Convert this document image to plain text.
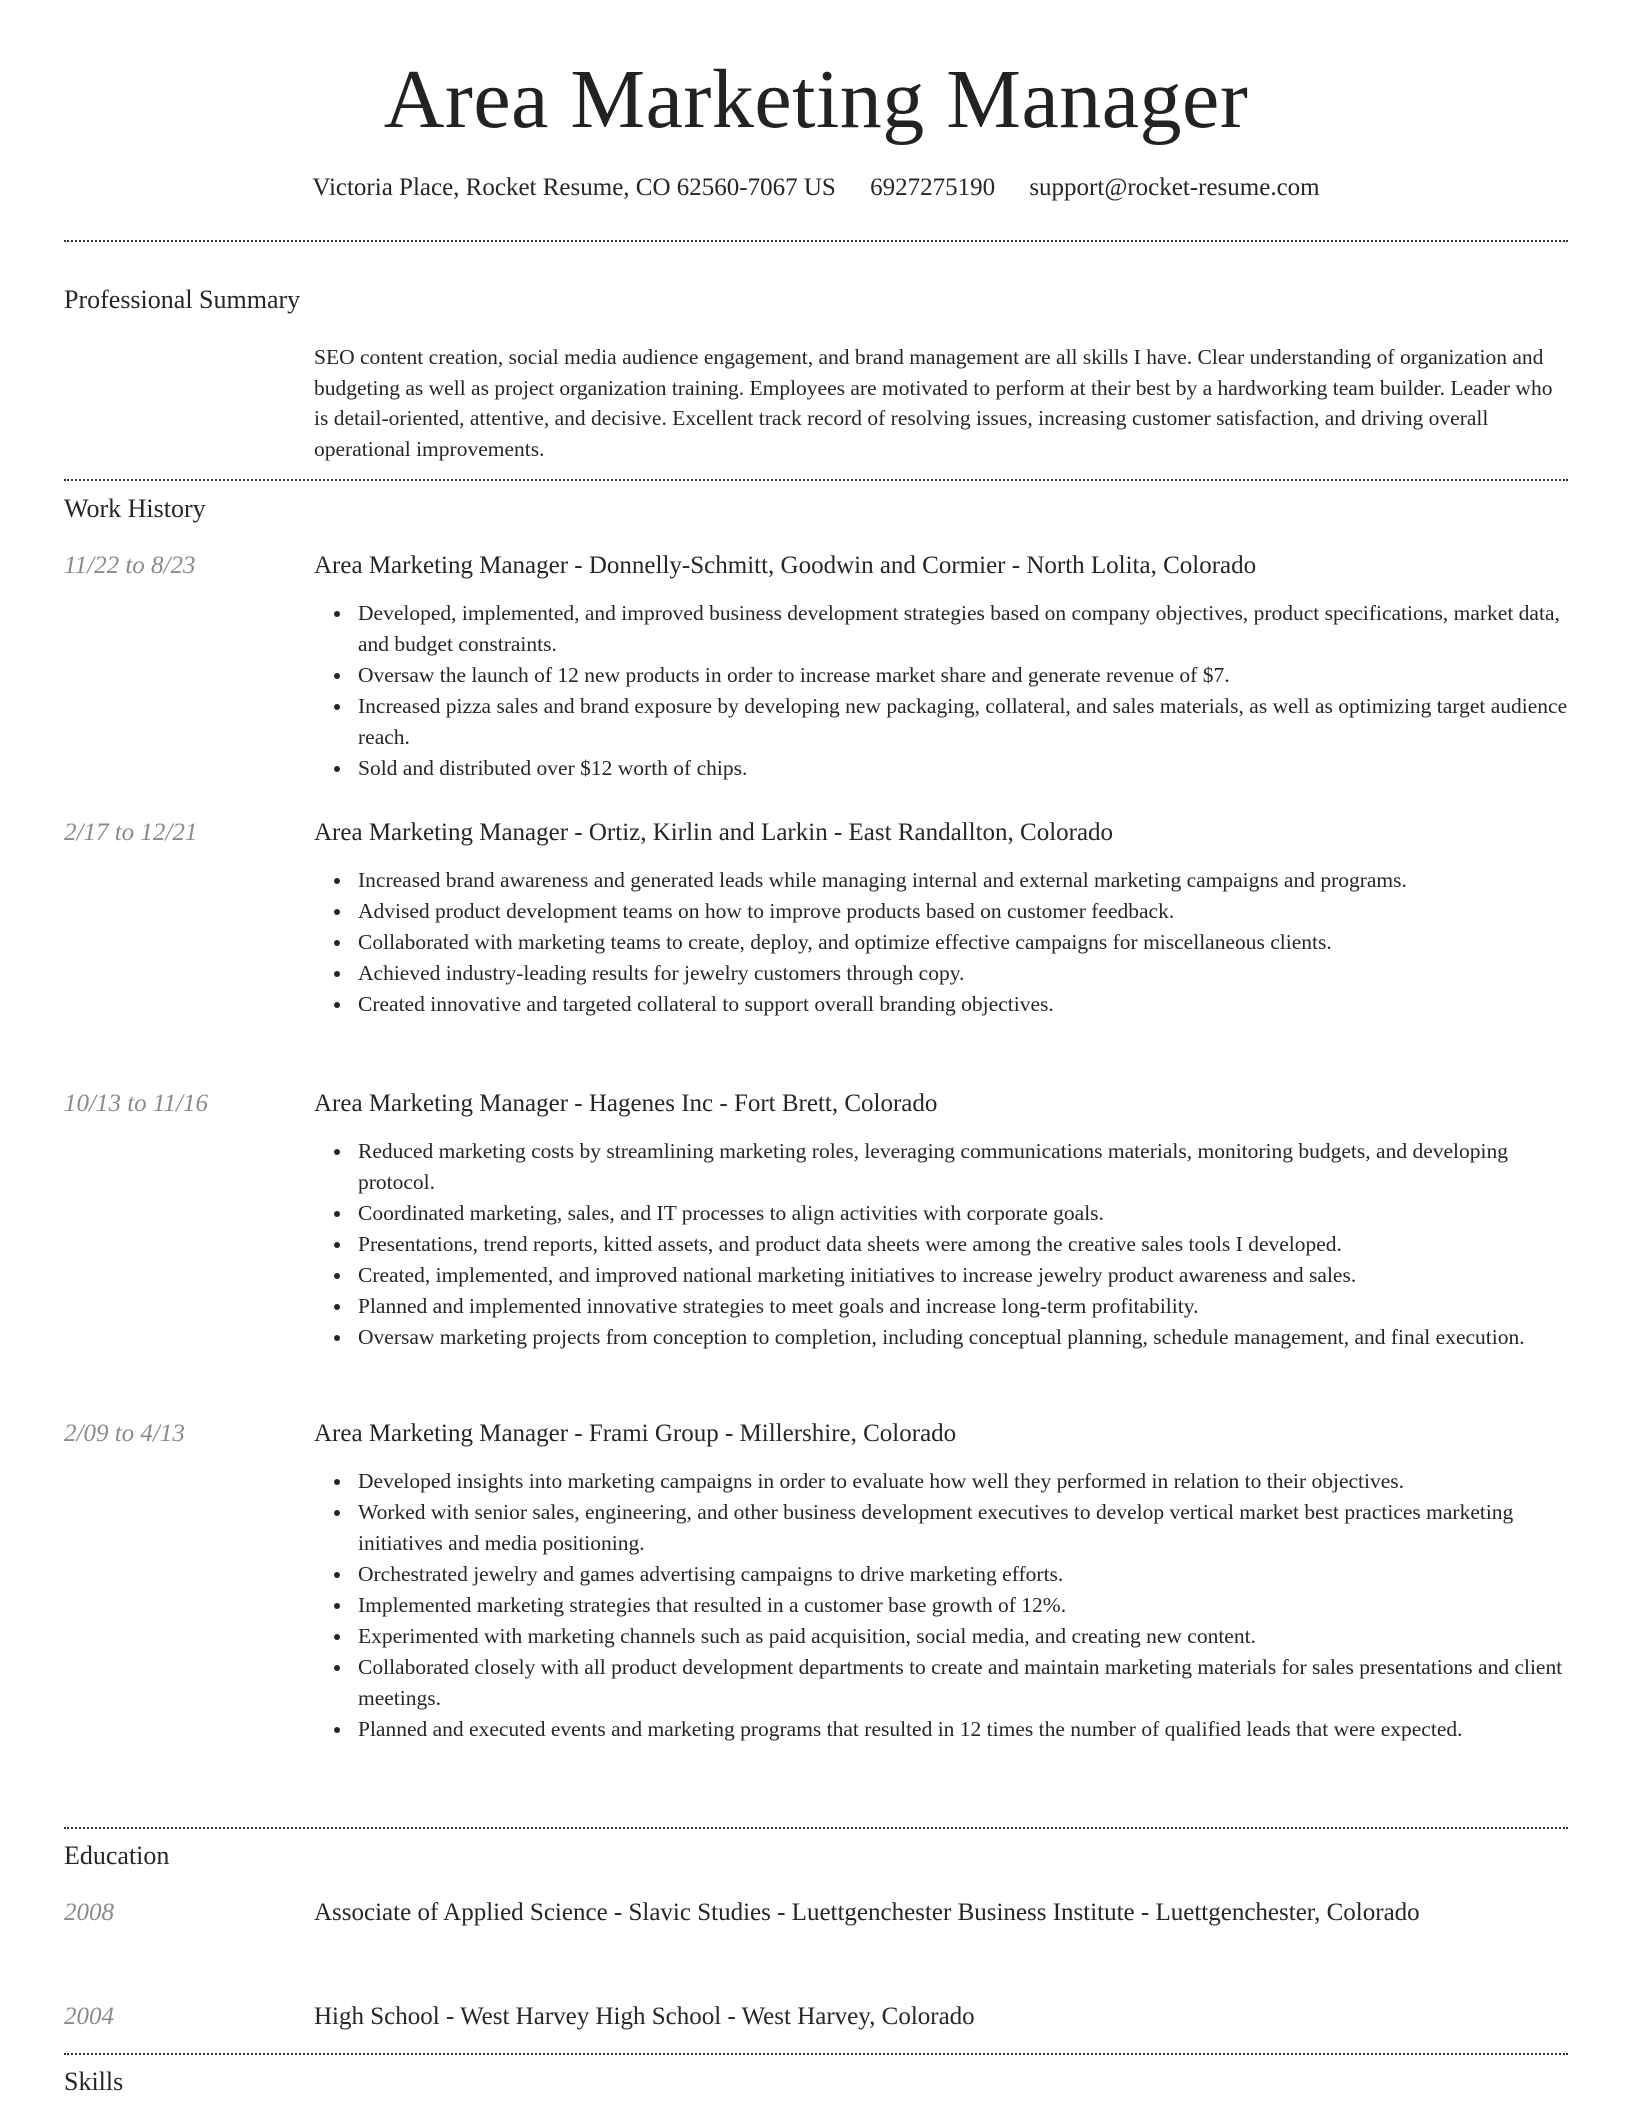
Area Marketing Manager
Victoria Place, Rocket Resume, CO 62560-7067 US 6927275190 support@rocket-resume.com
Professional Summary

SEO content creation, social media audience engagement, and brand management are all skills I have. Clear understanding of organization and budgeting as well as project organization training. Employees are motivated to perform at their best by a hardworking team builder. Leader who is detail-oriented, attentive, and decisive. Excellent track record of resolving issues, increasing customer satisfaction, and driving overall operational improvements.

Work History
11/22 to 8/23	Area Marketing Manager - Donnelly-Schmitt, Goodwin and Cormier - North Lolita, Colorado
Developed, implemented, and improved business development strategies based on company objectives, product specifications, market data, and budget constraints.
Oversaw the launch of 12 new products in order to increase market share and generate revenue of $7.
Increased pizza sales and brand exposure by developing new packaging, collateral, and sales materials, as well as optimizing target audience reach.
Sold and distributed over $12 worth of chips.
2/17 to 12/21	Area Marketing Manager - Ortiz, Kirlin and Larkin - East Randallton, Colorado
Increased brand awareness and generated leads while managing internal and external marketing campaigns and programs.
Advised product development teams on how to improve products based on customer feedback.
Collaborated with marketing teams to create, deploy, and optimize effective campaigns for miscellaneous clients.
Achieved industry-leading results for jewelry customers through copy.
Created innovative and targeted collateral to support overall branding objectives.
10/13 to 11/16	Area Marketing Manager - Hagenes Inc - Fort Brett, Colorado
Reduced marketing costs by streamlining marketing roles, leveraging communications materials, monitoring budgets, and developing protocol.
Coordinated marketing, sales, and IT processes to align activities with corporate goals.
Presentations, trend reports, kitted assets, and product data sheets were among the creative sales tools I developed.
Created, implemented, and improved national marketing initiatives to increase jewelry product awareness and sales.
Planned and implemented innovative strategies to meet goals and increase long-term profitability.
Oversaw marketing projects from conception to completion, including conceptual planning, schedule management, and final execution.
2/09 to 4/13	Area Marketing Manager - Frami Group - Millershire, Colorado
Developed insights into marketing campaigns in order to evaluate how well they performed in relation to their objectives.
Worked with senior sales, engineering, and other business development executives to develop vertical market best practices marketing initiatives and media positioning.
Orchestrated jewelry and games advertising campaigns to drive marketing efforts.
Implemented marketing strategies that resulted in a customer base growth of 12%.
Experimented with marketing channels such as paid acquisition, social media, and creating new content.
Collaborated closely with all product development departments to create and maintain marketing materials for sales presentations and client meetings.
Planned and executed events and marketing programs that resulted in 12 times the number of qualified leads that were expected.
Education
2008	Associate of Applied Science - Slavic Studies - Luettgenchester Business Institute - Luettgenchester, Colorado
2004	High School - West Harvey High School - West Harvey, Colorado
Skills
